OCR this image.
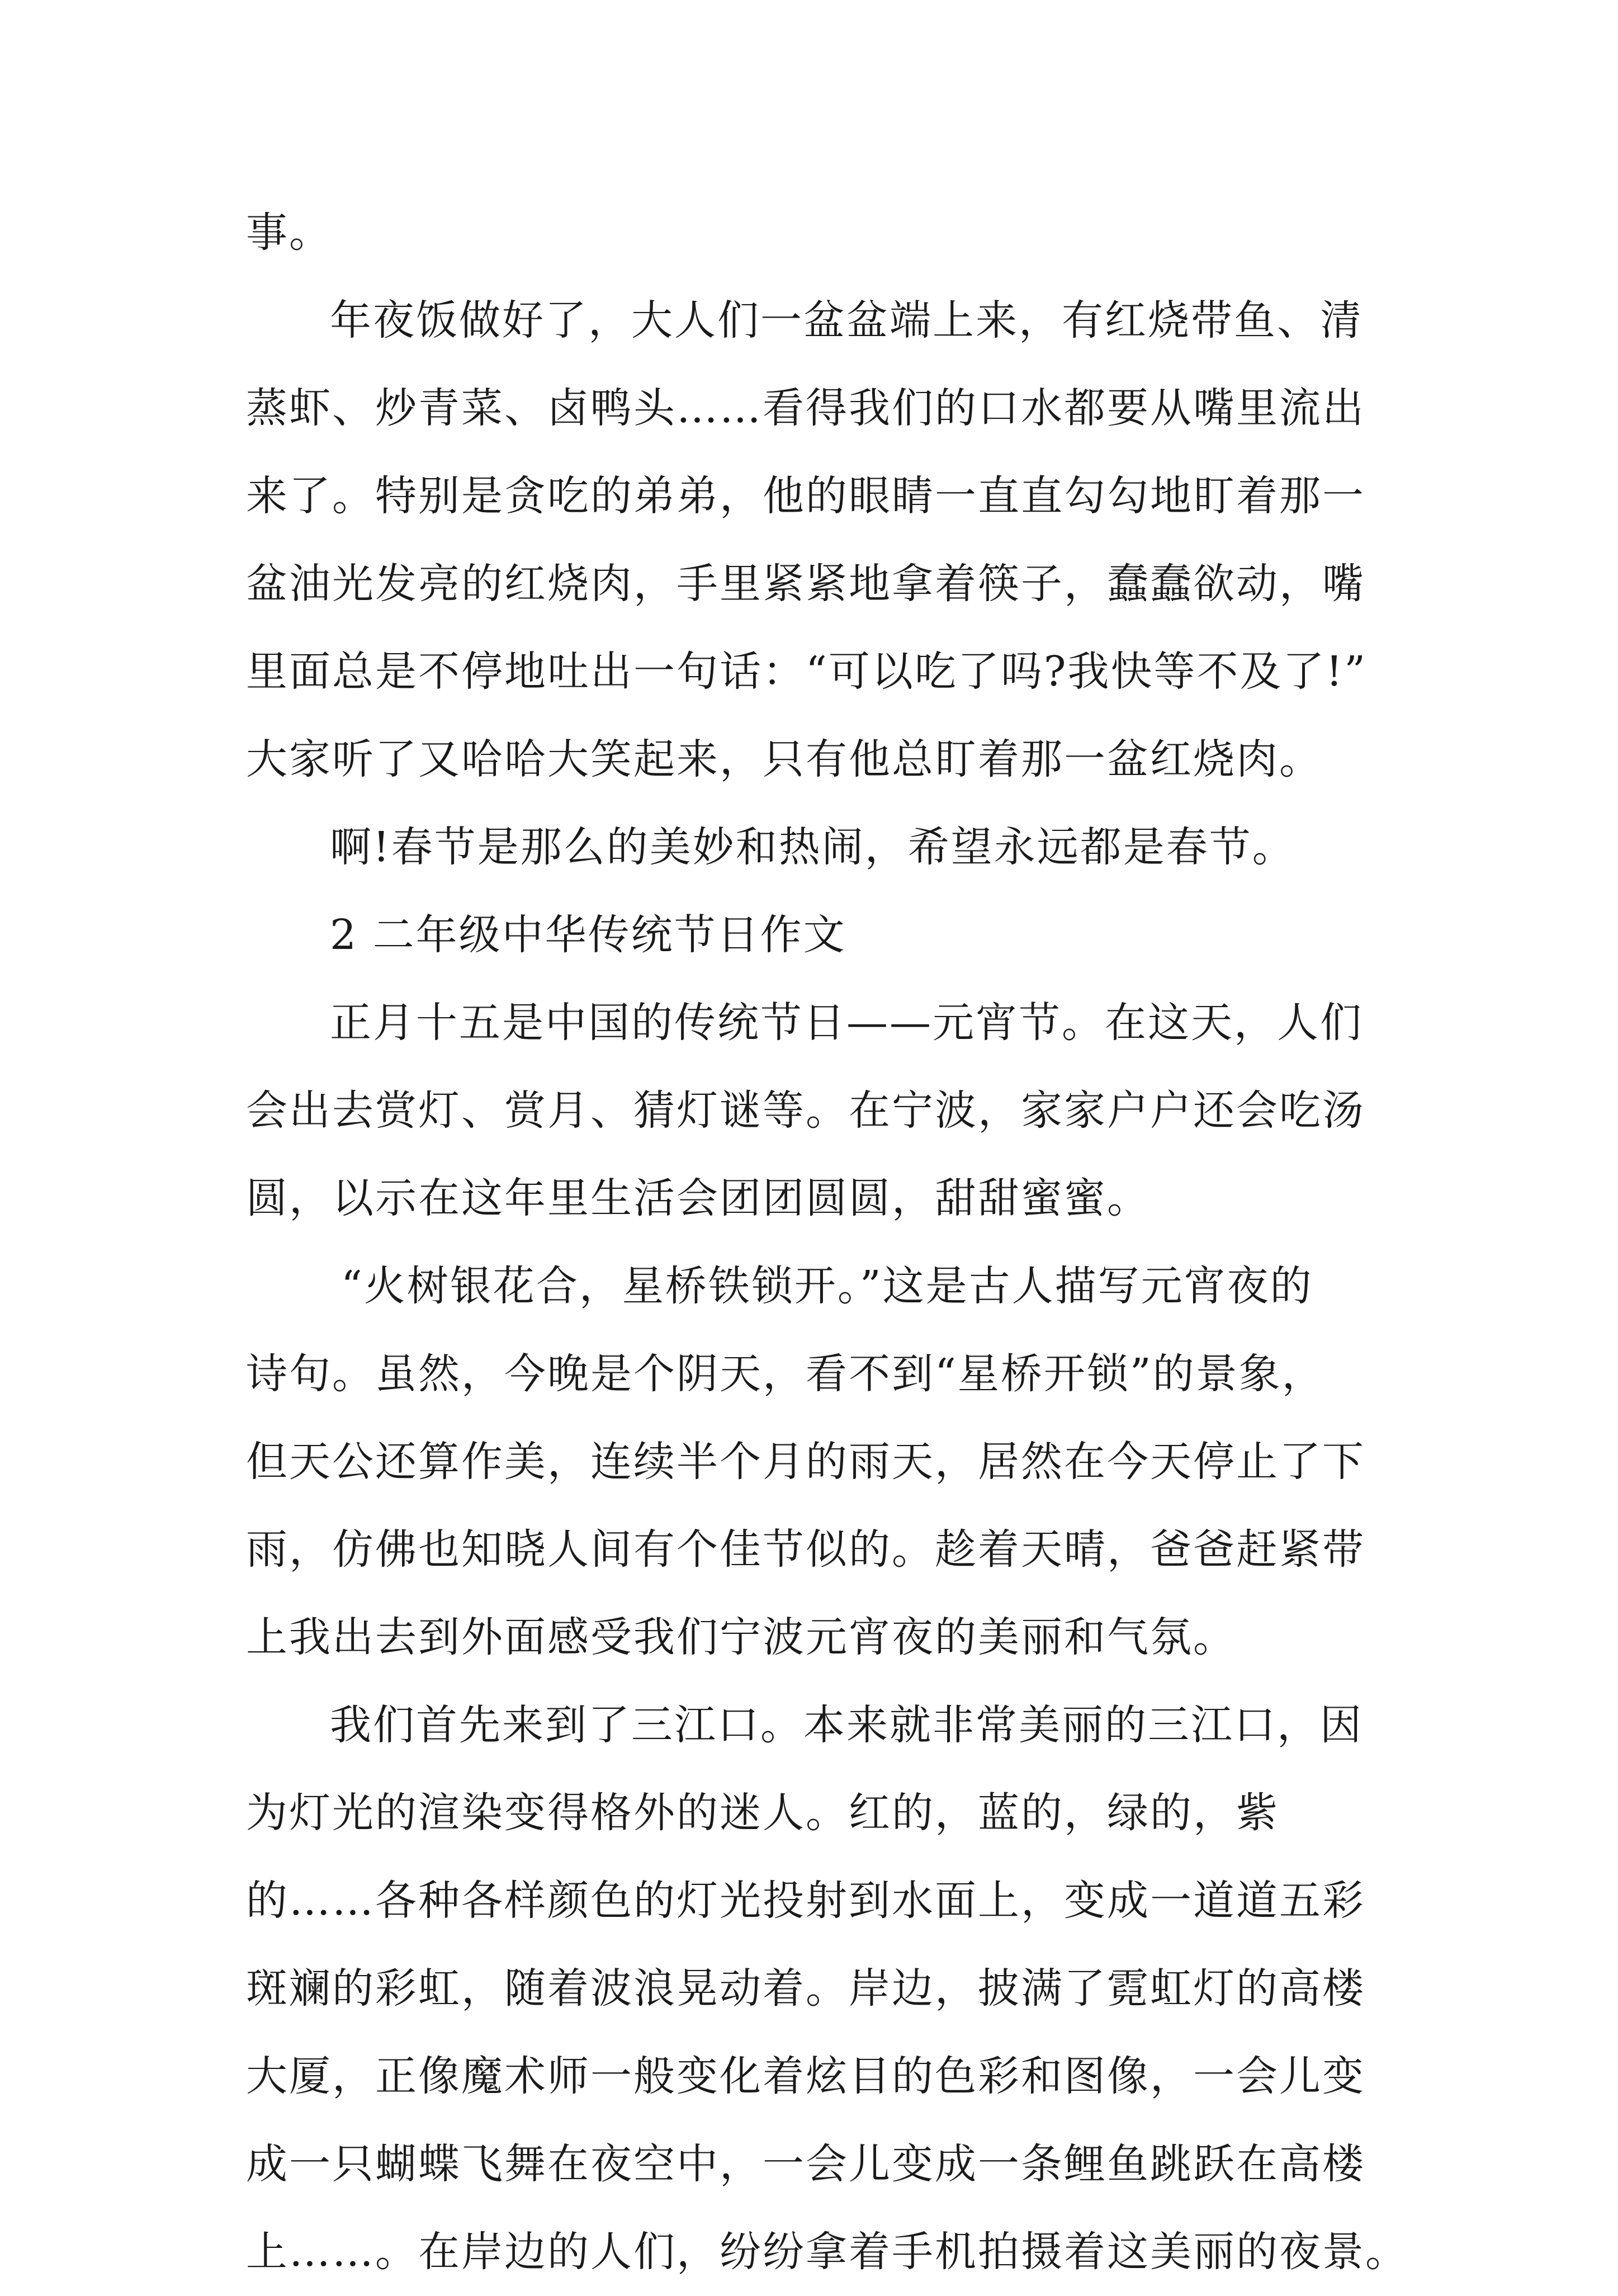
事。

年夜饭做好了，大人们一盆盆端上来，有红烧带鱼、清

蒸虾、炒青菜、卤鸭头……看得我们的口水都要从嘴里流出

来了。特别是贪吃的弟弟，他的眼睛一直直勾勾地盯着那一

盆油光发亮的红烧肉，手里紧紧地拿着筷子，蠢蠢欲动，嘴

里面总是不停地吐出一句话：“可以吃了吗?我快等不及了!”

大家听了又哈哈大笑起来，只有他总盯着那一盆红烧肉。

啊!春节是那么的美妙和热闹，希望永远都是春节。

2 二年级中华传统节日作文

正月十五是中国的传统节日——元宵节。在这天，人们

会出去赏灯、赏月、猜灯谜等。在宁波，家家户户还会吃汤

圆，以示在这年里生活会团团圆圆，甜甜蜜蜜。

“火树银花合，星桥铁锁开。”这是古人描写元宵夜的

诗句。虽然，今晚是个阴天，看不到“星桥开锁”的景象，

但天公还算作美，连续半个月的雨天，居然在今天停止了下

雨，仿佛也知晓人间有个佳节似的。趁着天晴，爸爸赶紧带

上我出去到外面感受我们宁波元宵夜的美丽和气氛。

我们首先来到了三江口。本来就非常美丽的三江口，因

为灯光的渲染变得格外的迷人。红的，蓝的，绿的，紫

的……各种各样颜色的灯光投射到水面上，变成一道道五彩

斑斓的彩虹，随着波浪晃动着。岸边，披满了霓虹灯的高楼

大厦，正像魔术师一般变化着炫目的色彩和图像，一会儿变

成一只蝴蝶飞舞在夜空中，一会儿变成一条鲤鱼跳跃在高楼

上……。在岸边的人们，纷纷拿着手机拍摄着这美丽的夜景。
